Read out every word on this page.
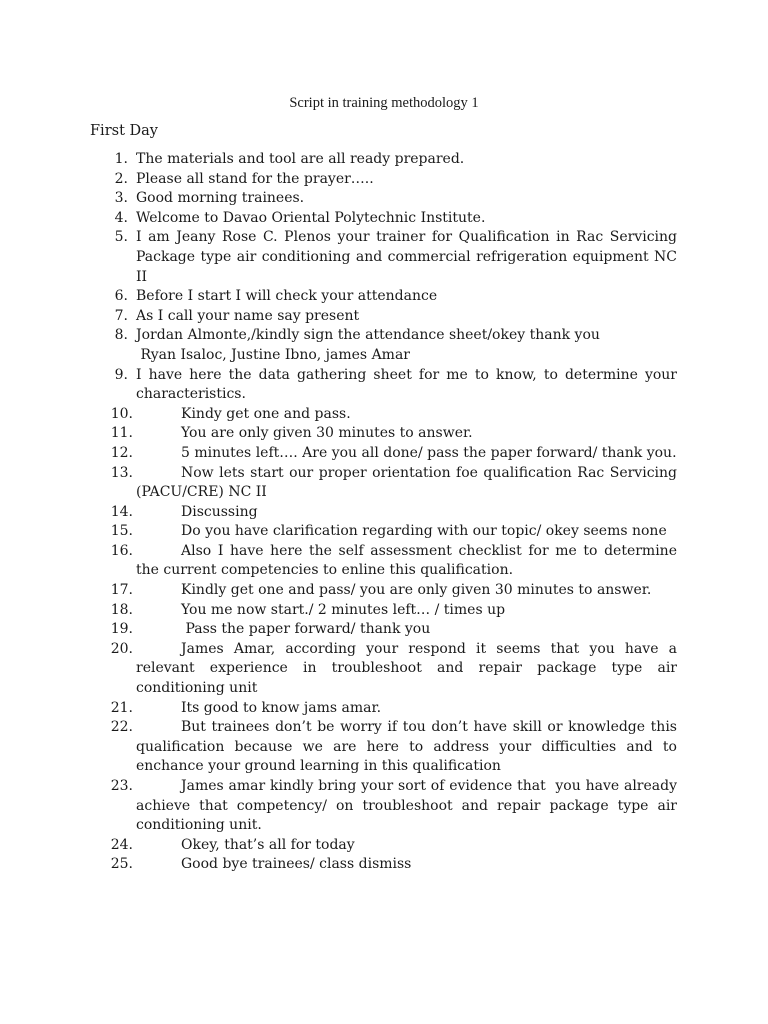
Script in training methodology 1
First Day
1. The materials and tool are all ready prepared.
2. Please all stand for the prayer…..
3. Good morning trainees.
4. Welcome to Davao Oriental Polytechnic Institute.
5. I am Jeany Rose C. Plenos your trainer for Qualification in Rac Servicing Package type air conditioning and commercial refrigeration equipment NC II
6. Before I start I will check your attendance
7. As I call your name say present
8. Jordan Almonte,/kindly sign the attendance sheet/okey thank you
Ryan Isaloc, Justine Ibno, james Amar
9. I have here the data gathering sheet for me to know, to determine your characteristics.
10.	Kindy get one and pass.
11.	You are only given 30 minutes to answer.
12.	5 minutes left…. Are you all done/ pass the paper forward/ thank you.
13.	Now lets start our proper orientation foe qualification Rac Servicing (PACU/CRE) NC II
14.	Discussing
15.	Do you have clarification regarding with our topic/ okey seems none
16.	Also I have here the self assessment checklist for me to determine the current competencies to enline this qualification.
17.	Kindly get one and pass/ you are only given 30 minutes to answer.
18.	You me now start./ 2 minutes left… / times up
19.	Pass the paper forward/ thank you
20.	James Amar, according your respond it seems that you have a relevant experience in troubleshoot and repair package type air conditioning unit
21.	Its good to know jams amar.
22.	But trainees don’t be worry if tou don’t have skill or knowledge this qualification because we are here to address your difficulties and to enchance your ground learning in this qualification
23.	James amar kindly bring your sort of evidence that  you have already achieve that competency/ on troubleshoot and repair package type air conditioning unit.
24.	Okey, that’s all for today
25.	Good bye trainees/ class dismiss
